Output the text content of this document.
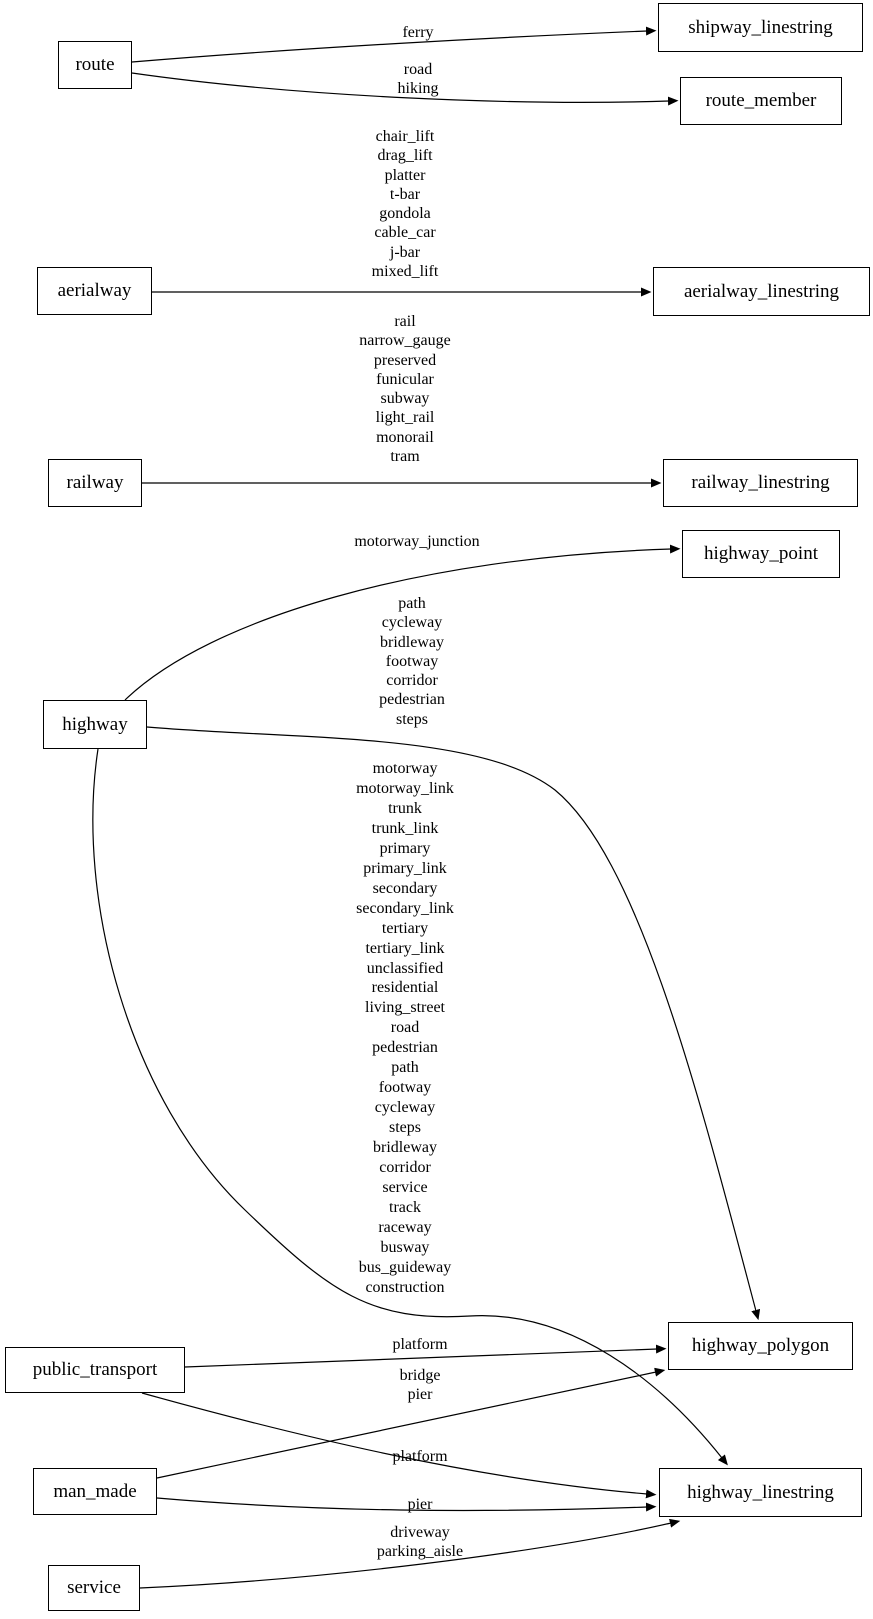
route
shipway_linestring
route_member
aerialway	aerialway_linestring
railway	railway_linestring
highway_point
highway
highway_polygon
public_transport
man_made	highway_linestring
service
ferry
road
hiking
chair_lift
drag_lift
platter
t-bar
gondola
cable_car
j-bar
mixed_lift
rail
narrow_gauge
preserved
funicular
subway
light_rail
monorail
tram
motorway_junction
path
cycleway
bridleway
footway
corridor
pedestrian
steps
motorway
motorway_link
trunk
trunk_link
primary
primary_link
secondary
secondary_link
tertiary
tertiary_link
unclassified
residential
living_street
road
pedestrian
path
footway
cycleway
steps
bridleway
corridor
service
track
raceway
busway
bus_guideway
construction
platform
bridge
pier
platform
pier
driveway
parking_aisle
